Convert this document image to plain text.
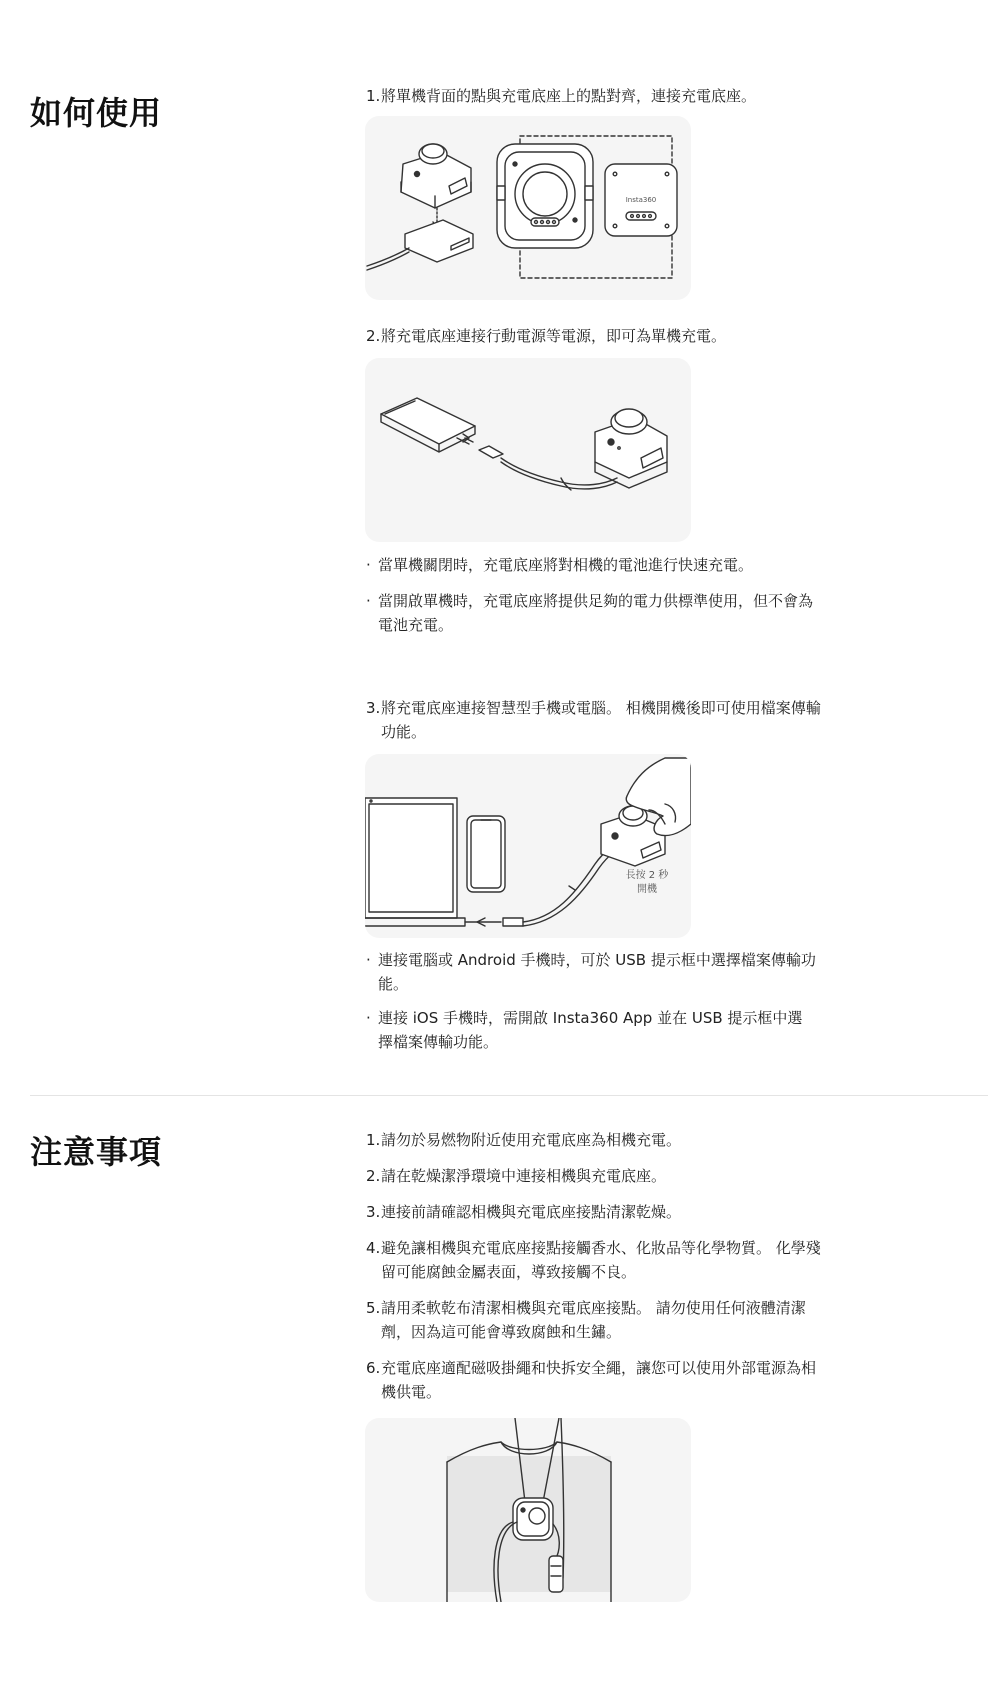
如何使用	1. 將單機背面的點與充電底座上的點對齊，連接充電底座。

Insta360

2. 將充電底座連接行動電源等電源，即可為單機充電。

· 當單機關閉時，充電底座將對相機的電池進行快速充電。

· 當開啟單機時，充電底座將提供足夠的電力供標準使用，但不會為電池充電。

3. 將充電底座連接智慧型手機或電腦。 相機開機後即可使用檔案傳輸功能。

長按 2 秒
開機

· 連接電腦或 Android 手機時，可於 USB 提示框中選擇檔案傳輸功能。

· 連接 iOS 手機時，需開啟 Insta360 App 並在 USB 提示框中選擇檔案傳輸功能。

注意事項	1. 請勿於易燃物附近使用充電底座為相機充電。

2. 請在乾燥潔淨環境中連接相機與充電底座。

3. 連接前請確認相機與充電底座接點清潔乾燥。

4. 避免讓相機與充電底座接點接觸香水、化妝品等化學物質。 化學殘留可能腐蝕金屬表面，導致接觸不良。

5. 請用柔軟乾布清潔相機與充電底座接點。 請勿使用任何液體清潔劑，因為這可能會導致腐蝕和生鏽。

6. 充電底座適配磁吸掛繩和快拆安全繩，讓您可以使用外部電源為相機供電。
